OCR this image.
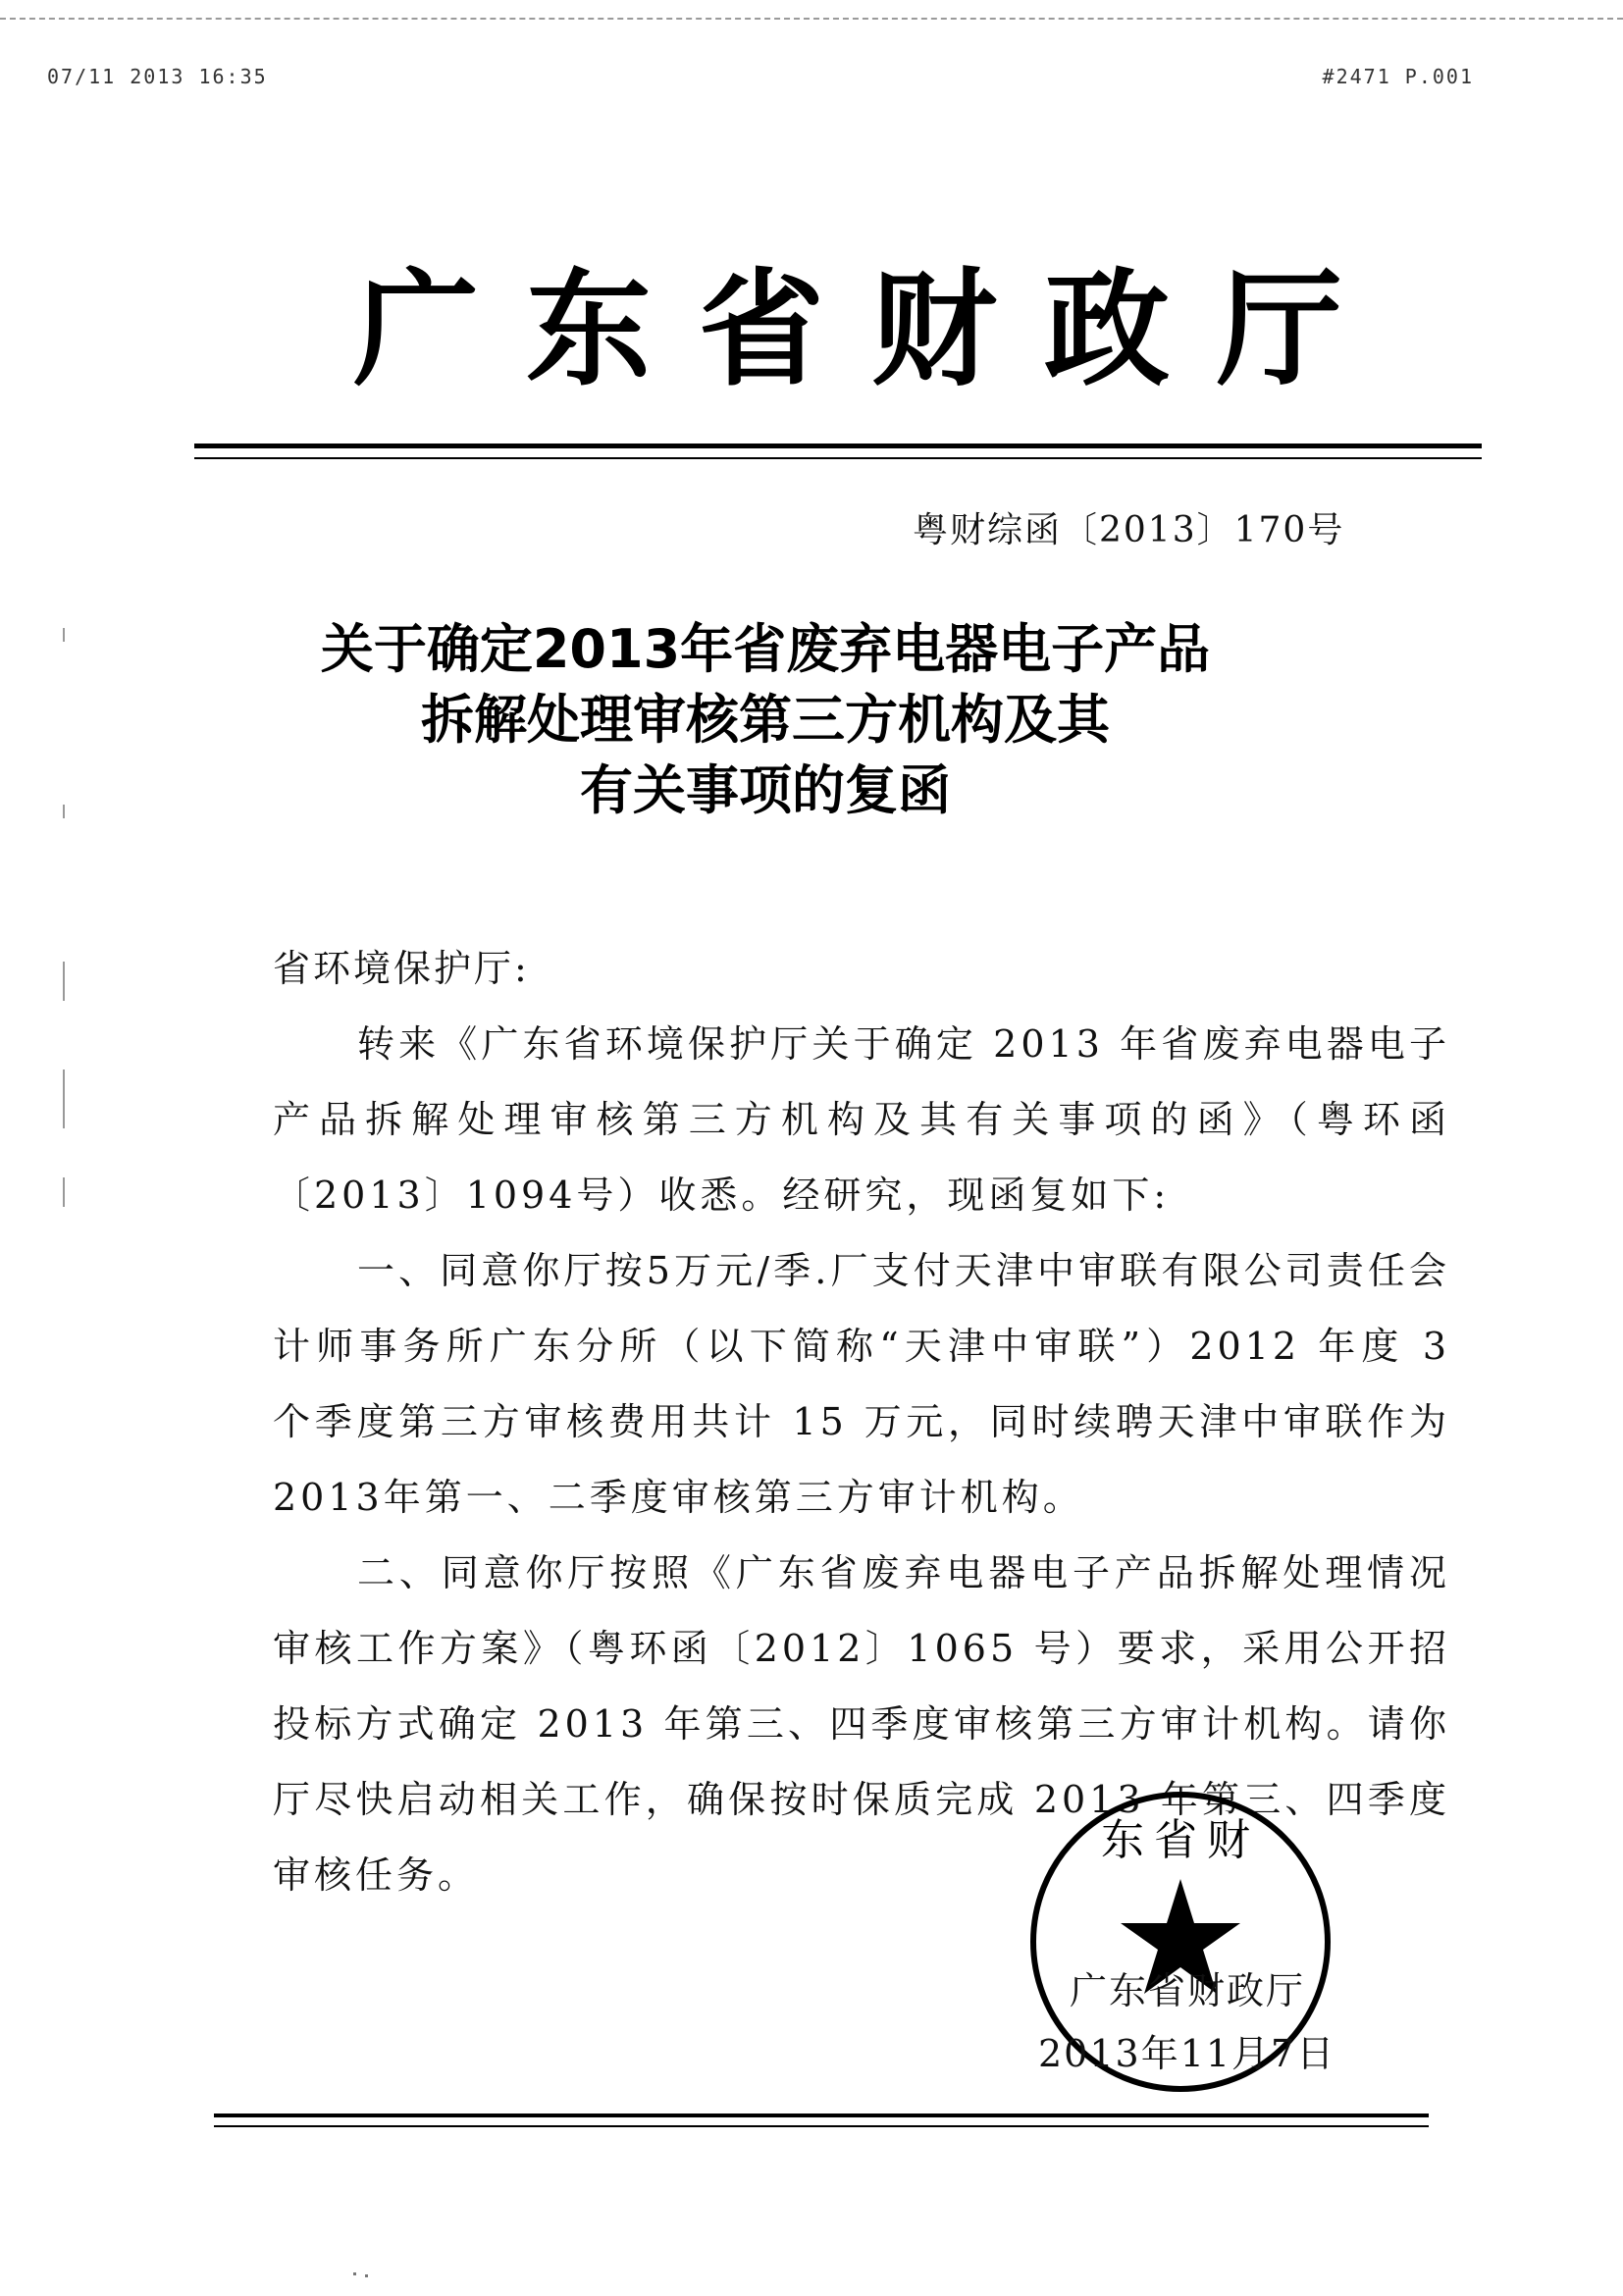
07/11 2013 16:35	#2471 P.001
广东省财政厅
粤财综函〔2013〕170号
关于确定2013年省废弃电器电子产品
拆解处理审核第三方机构及其
有关事项的复函
省环境保护厅:

转来《广东省环境保护厅关于确定 2013 年省废弃电器电子产品拆解处理审核第三方机构及其有关事项的函》（粤环函〔2013〕1094号）收悉。经研究，现函复如下:

一、同意你厅按5万元/季.厂支付天津中审联有限公司责任会计师事务所广东分所（以下简称“天津中审联”）2012 年度 3 个季度第三方审核费用共计 15 万元，同时续聘天津中审联作为2013年第一、二季度审核第三方审计机构。

二、同意你厅按照《广东省废弃电器电子产品拆解处理情况审核工作方案》（粤环函〔2012〕1065 号）要求，采用公开招投标方式确定 2013 年第三、四季度审核第三方审计机构。请你厅尽快启动相关工作，确保按时保质完成 2013 年第三、四季度审核任务。

东省财
广东省财政厅
2013年11月7日
